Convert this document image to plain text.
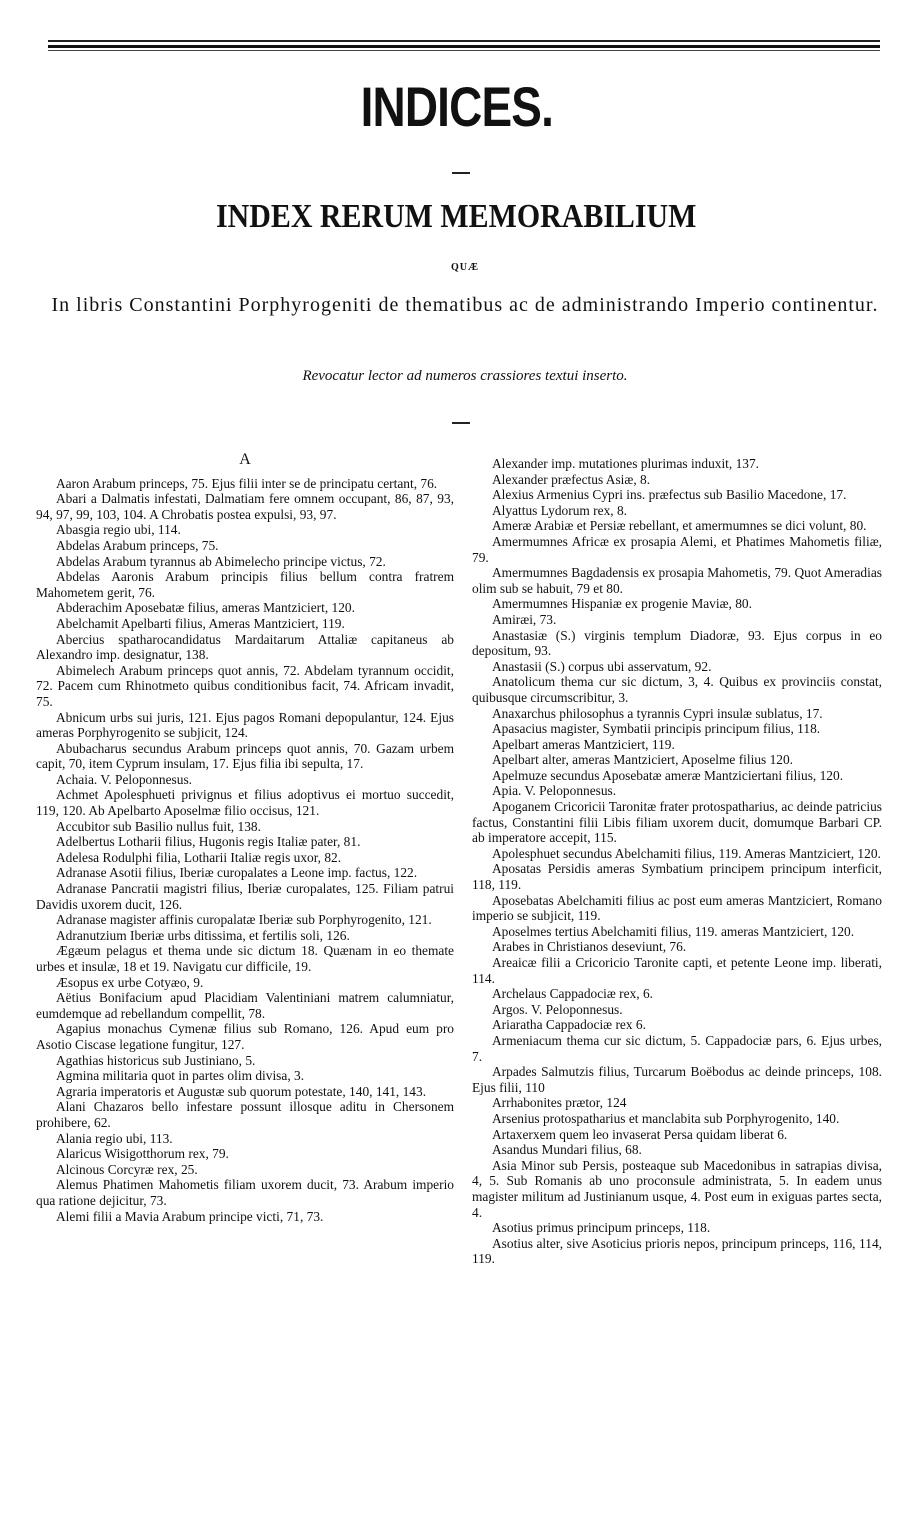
INDICES.
INDEX RERUM MEMORABILIUM
QUÆ
In libris Constantini Porphyrogeniti de thematibus ac de administrando Imperio continentur.
Revocatur lector ad numeros crassiores textui inserto.
A

Aaron Arabum princeps, 75. Ejus filii inter se de principatu certant, 76.

Abari a Dalmatis infestati, Dalmatiam fere omnem occupant, 86, 87, 93, 94, 97, 99, 103, 104. A Chrobatis postea expulsi, 93, 97.

Abasgia regio ubi, 114.

Abdelas Arabum princeps, 75.

Abdelas Arabum tyrannus ab Abimelecho principe victus, 72.

Abdelas Aaronis Arabum principis filius bellum contra fratrem Mahometem gerit, 76.

Abderachim Aposebatæ filius, ameras Mantziciert, 120.

Abelchamit Apelbarti filius, Ameras Mantziciert, 119.

Abercius spatharocandidatus Mardaitarum Attaliæ capitaneus ab Alexandro imp. designatur, 138.

Abimelech Arabum princeps quot annis, 72. Abdelam tyrannum occidit, 72. Pacem cum Rhinotmeto quibus conditionibus facit, 74. Africam invadit, 75.

Abnicum urbs sui juris, 121. Ejus pagos Romani depopulantur, 124. Ejus ameras Porphyrogenito se subjicit, 124.

Abubacharus secundus Arabum princeps quot annis, 70. Gazam urbem capit, 70, item Cyprum insulam, 17. Ejus filia ibi sepulta, 17.

Achaia. V. Peloponnesus.

Achmet Apolesphueti privignus et filius adoptivus ei mortuo succedit, 119, 120. Ab Apelbarto Aposelmæ filio occisus, 121.

Accubitor sub Basilio nullus fuit, 138.

Adelbertus Lotharii filius, Hugonis regis Italiæ pater, 81.

Adelesa Rodulphi filia, Lotharii Italiæ regis uxor, 82.

Adranase Asotii filius, Iberiæ curopalates a Leone imp. factus, 122.

Adranase Pancratii magistri filius, Iberiæ curopalates, 125. Filiam patrui Davidis uxorem ducit, 126.

Adranase magister affinis curopalatæ Iberiæ sub Porphyrogenito, 121.

Adranutzium Iberiæ urbs ditissima, et fertilis soli, 126.

Ægæum pelagus et thema unde sic dictum 18. Quænam in eo themate urbes et insulæ, 18 et 19. Navigatu cur difficile, 19.

Æsopus ex urbe Cotyæo, 9.

Aëtius Bonifacium apud Placidiam Valentiniani matrem calumniatur, eumdemque ad rebellandum compellit, 78.

Agapius monachus Cymenæ filius sub Romano, 126. Apud eum pro Asotio Ciscase legatione fungitur, 127.

Agathias historicus sub Justiniano, 5.

Agmina militaria quot in partes olim divisa, 3.

Agraria imperatoris et Augustæ sub quorum potestate, 140, 141, 143.

Alani Chazaros bello infestare possunt illosque aditu in Chersonem prohibere, 62.

Alania regio ubi, 113.

Alaricus Wisigotthorum rex, 79.

Alcinous Corcyræ rex, 25.

Alemus Phatimen Mahometis filiam uxorem ducit, 73. Arabum imperio qua ratione dejicitur, 73.

Alemi filii a Mavia Arabum principe victi, 71, 73.

Alexander imp. mutationes plurimas induxit, 137.

Alexander præfectus Asiæ, 8.

Alexius Armenius Cypri ins. præfectus sub Basilio Macedone, 17.

Alyattus Lydorum rex, 8.

Ameræ Arabiæ et Persiæ rebellant, et amermumnes se dici volunt, 80.

Amermumnes Africæ ex prosapia Alemi, et Phatimes Mahometis filiæ, 79.

Amermumnes Bagdadensis ex prosapia Mahometis, 79. Quot Ameradias olim sub se habuit, 79 et 80.

Amermumnes Hispaniæ ex progenie Maviæ, 80.

Amiræi, 73.

Anastasiæ (S.) virginis templum Diadoræ, 93. Ejus corpus in eo depositum, 93.

Anastasii (S.) corpus ubi asservatum, 92.

Anatolicum thema cur sic dictum, 3, 4. Quibus ex provinciis constat, quibusque circumscribitur, 3.

Anaxarchus philosophus a tyrannis Cypri insulæ sublatus, 17.

Apasacius magister, Symbatii principis principum filius, 118.

Apelbart ameras Mantziciert, 119.

Apelbart alter, ameras Mantziciert, Aposelme filius 120.

Apelmuze secundus Aposebatæ ameræ Mantziciertani filius, 120.

Apia. V. Peloponnesus.

Apoganem Cricoricii Taronitæ frater protospatharius, ac deinde patricius factus, Constantini filii Libis filiam uxorem ducit, domumque Barbari CP. ab imperatore accepit, 115.

Apolesphuet secundus Abelchamiti filius, 119. Ameras Mantziciert, 120.

Aposatas Persidis ameras Symbatium principem principum interficit, 118, 119.

Aposebatas Abelchamiti filius ac post eum ameras Mantziciert, Romano imperio se subjicit, 119.

Aposelmes tertius Abelchamiti filius, 119. ameras Mantziciert, 120.

Arabes in Christianos deseviunt, 76.

Areaicæ filii a Cricoricio Taronite capti, et petente Leone imp. liberati, 114.

Archelaus Cappadociæ rex, 6.

Argos. V. Peloponnesus.

Ariaratha Cappadociæ rex 6.

Armeniacum thema cur sic dictum, 5. Cappadociæ pars, 6. Ejus urbes, 7.

Arpades Salmutzis filius, Turcarum Boëbodus ac deinde princeps, 108. Ejus filii, 110

Arrhabonites prætor, 124

Arsenius protospatharius et manclabita sub Porphyrogenito, 140.

Artaxerxem quem leo invaserat Persa quidam liberat 6.

Asandus Mundari filius, 68.

Asia Minor sub Persis, posteaque sub Macedonibus in satrapias divisa, 4, 5. Sub Romanis ab uno proconsule administrata, 5. In eadem unus magister militum ad Justinianum usque, 4. Post eum in exiguas partes secta, 4.

Asotius primus principum princeps, 118.

Asotius alter, sive Asoticius prioris nepos, principum princeps, 116, 114, 119.
